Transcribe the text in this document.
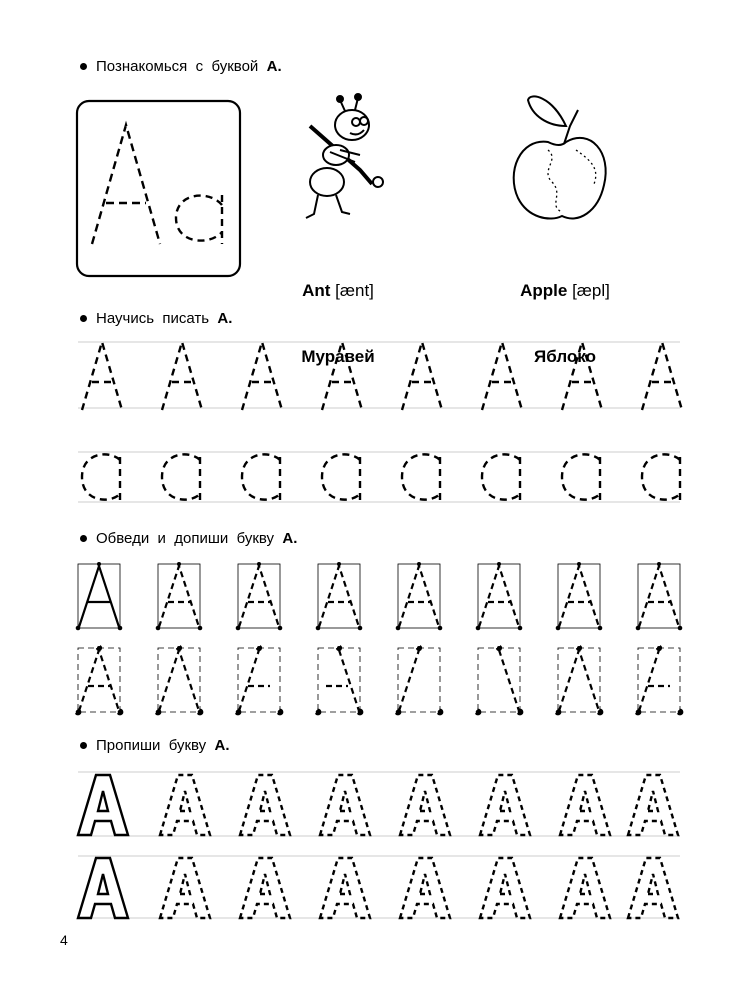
Познакомься  с  буквой А.
Научись  писать А.
Обведи  и  допиши  букву А.
Пропиши  букву А.

Ant [ænt]

Муравей

Apple [æpl]

Яблоко

4
